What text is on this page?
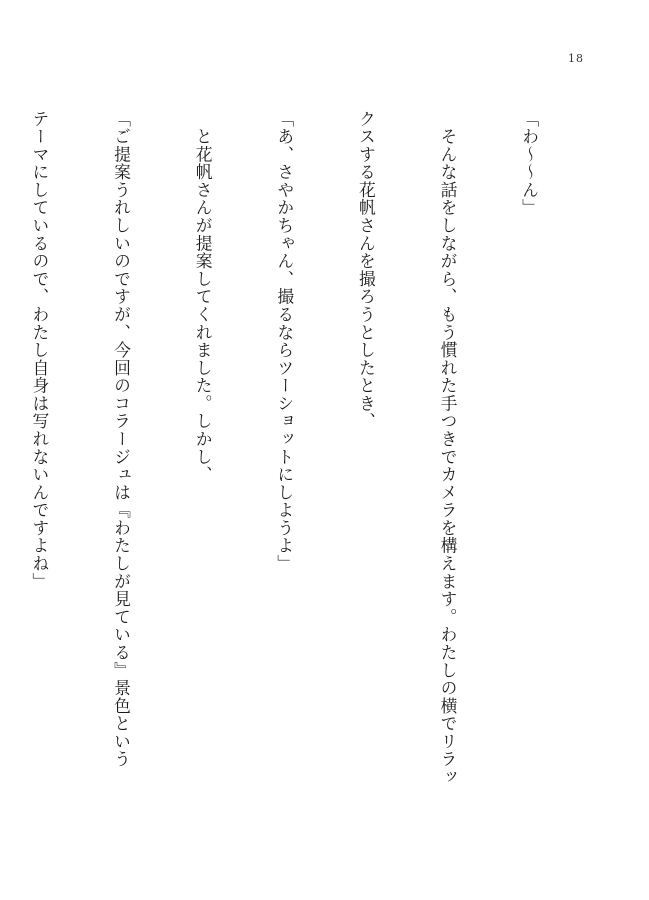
18

「わ〜〜ん」

　そんな話をしながら、もう慣れた手つきでカメラを構えます。わたしの横でリラッ

クスする花帆さんを撮ろうとしたとき、

「あ、さやかちゃん、撮るならツーショットにしようよ」

　と花帆さんが提案してくれました。しかし、

「ご提案うれしいのですが、今回のコラージュは『わたしが見ている』景色という

テーマにしているので、わたし自身は写れないんですよね」
